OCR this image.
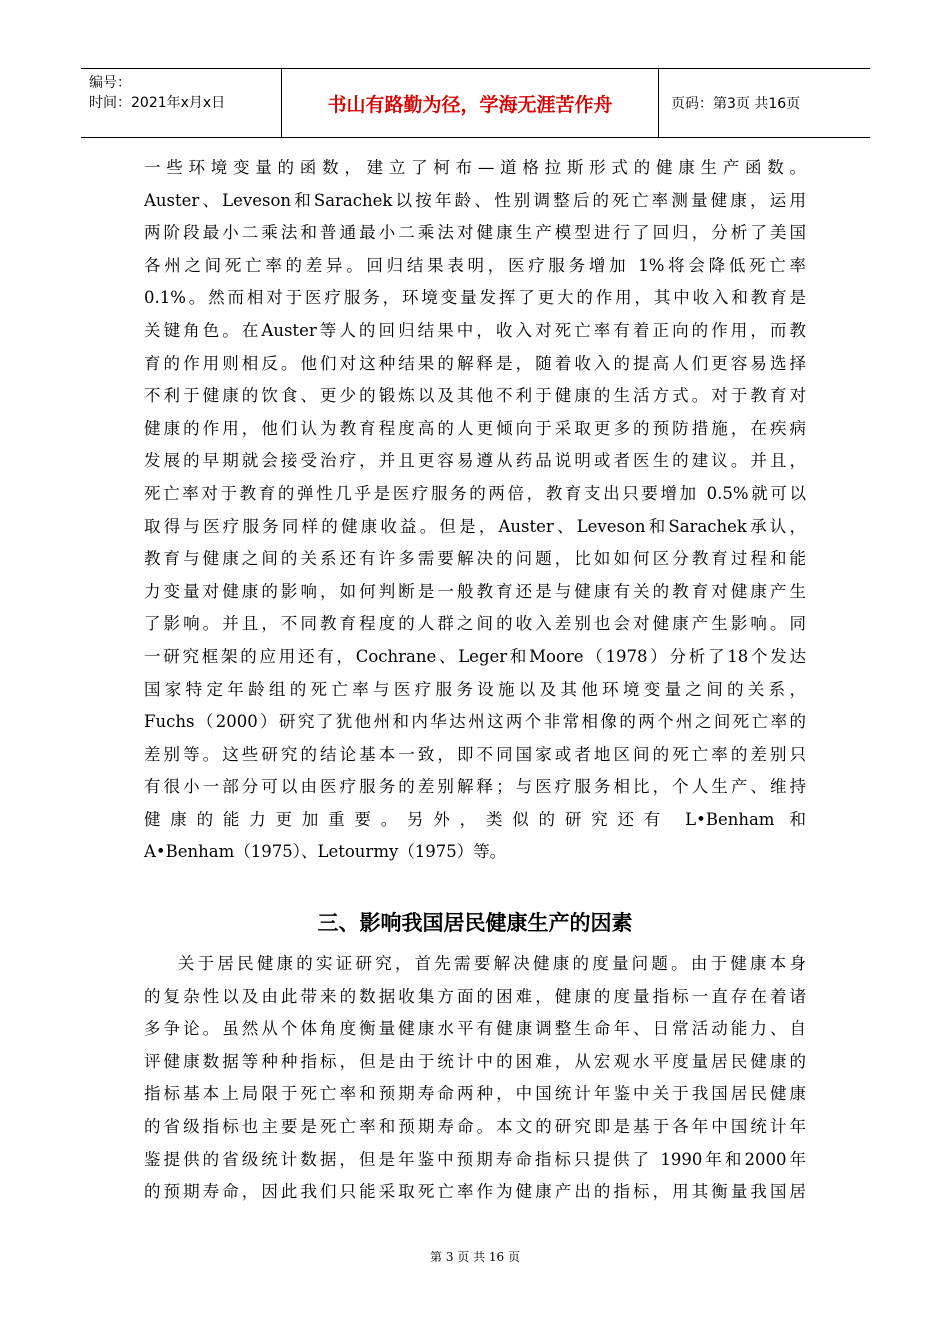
编号：
时间：2021年x月x日	书山有路勤为径，学海无涯苦作舟	页码：第3页 共16页
一些环境变量的函数，建立了柯布—道格拉斯形式的健康生产函数。
Auster、Leveson和Sarachek以按年龄、性别调整后的死亡率测量健康，运用
两阶段最小二乘法和普通最小二乘法对健康生产模型进行了回归，分析了美国
各州之间死亡率的差异。回归结果表明，医疗服务增加 1%将会降低死亡率
0.1%。然而相对于医疗服务，环境变量发挥了更大的作用，其中收入和教育是
关键角色。在Auster等人的回归结果中，收入对死亡率有着正向的作用，而教
育的作用则相反。他们对这种结果的解释是，随着收入的提高人们更容易选择
不利于健康的饮食、更少的锻炼以及其他不利于健康的生活方式。对于教育对
健康的作用，他们认为教育程度高的人更倾向于采取更多的预防措施，在疾病
发展的早期就会接受治疗，并且更容易遵从药品说明或者医生的建议。并且，
死亡率对于教育的弹性几乎是医疗服务的两倍，教育支出只要增加 0.5%就可以
取得与医疗服务同样的健康收益。但是，Auster、Leveson和Sarachek承认，
教育与健康之间的关系还有许多需要解决的问题，比如如何区分教育过程和能
力变量对健康的影响，如何判断是一般教育还是与健康有关的教育对健康产生
了影响。并且，不同教育程度的人群之间的收入差别也会对健康产生影响。同
一研究框架的应用还有，Cochrane、Leger和Moore（1978）分析了18个发达
国家特定年龄组的死亡率与医疗服务设施以及其他环境变量之间的关系，
Fuchs（2000）研究了犹他州和内华达州这两个非常相像的两个州之间死亡率的
差别等。这些研究的结论基本一致，即不同国家或者地区间的死亡率的差别只
有很小一部分可以由医疗服务的差别解释；与医疗服务相比，个人生产、维持
健康的能力更加重要。另外，类似的研究还有 L•Benham 和
A•Benham（1975）、Letourmy（1975）等。
三、影响我国居民健康生产的因素
关于居民健康的实证研究，首先需要解决健康的度量问题。由于健康本身
的复杂性以及由此带来的数据收集方面的困难，健康的度量指标一直存在着诸
多争论。虽然从个体角度衡量健康水平有健康调整生命年、日常活动能力、自
评健康数据等种种指标，但是由于统计中的困难，从宏观水平度量居民健康的
指标基本上局限于死亡率和预期寿命两种，中国统计年鉴中关于我国居民健康
的省级指标也主要是死亡率和预期寿命。本文的研究即是基于各年中国统计年
鉴提供的省级统计数据，但是年鉴中预期寿命指标只提供了 1990年和2000年
的预期寿命，因此我们只能采取死亡率作为健康产出的指标，用其衡量我国居
第 3 页 共 16 页
